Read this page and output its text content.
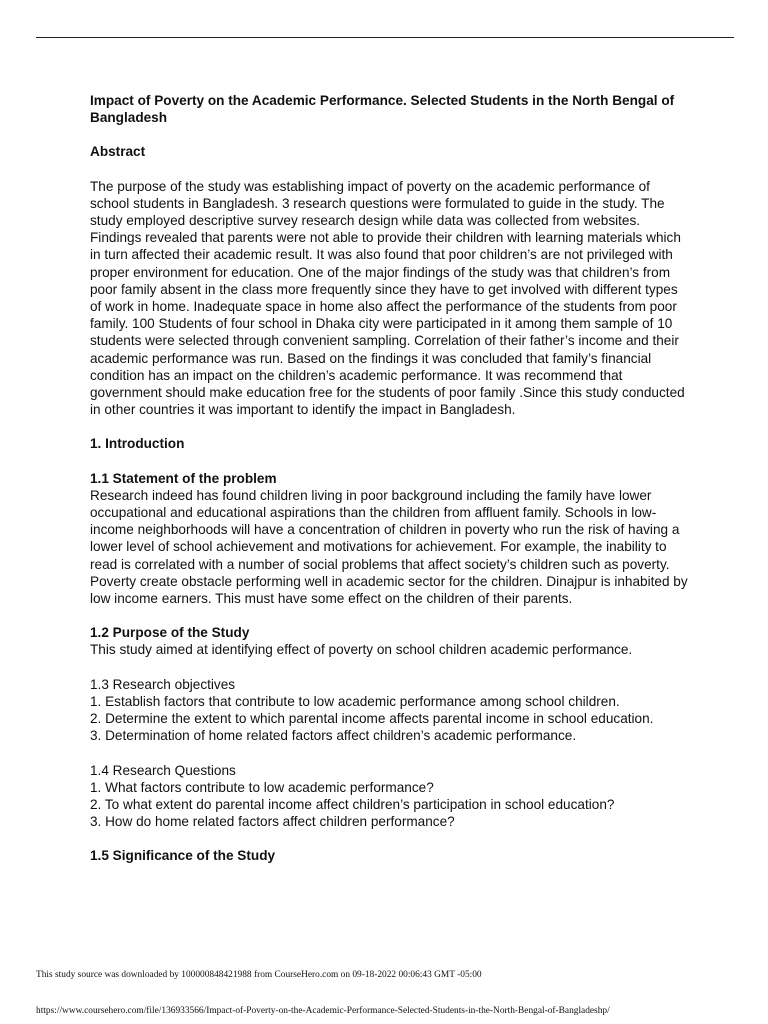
Impact of Poverty on the Academic Performance. Selected Students in the North Bengal of Bangladesh

Abstract

The purpose of the study was establishing impact of poverty on the academic performance of school students in Bangladesh. 3 research questions were formulated to guide in the study. The study employed descriptive survey research design while data was collected from websites. Findings revealed that parents were not able to provide their children with learning materials which in turn affected their academic result. It was also found that poor children’s are not privileged with proper environment for education. One of the major findings of the study was that children’s from poor family absent in the class more frequently since they have to get involved with different types of work in home. Inadequate space in home also affect the performance of the students from poor family. 100 Students of four school in Dhaka city were participated in it among them sample of 10 students were selected through convenient sampling. Correlation of their father’s income and their academic performance was run. Based on the findings it was concluded that family’s financial condition has an impact on the children’s academic performance. It was recommend that government should make education free for the students of poor family .Since this study conducted in other countries it was important to identify the impact in Bangladesh.

1. Introduction

1.1 Statement of the problem

Research indeed has found children living in poor background including the family have lower occupational and educational aspirations than the children from affluent family. Schools in low-income neighborhoods will have a concentration of children in poverty who run the risk of having a lower level of school achievement and motivations for achievement. For example, the inability to read is correlated with a number of social problems that affect society’s children such as poverty. Poverty create obstacle performing well in academic sector for the children. Dinajpur is inhabited by low income earners. This must have some effect on the children of their parents.

1.2 Purpose of the Study

This study aimed at identifying effect of poverty on school children academic performance.

1.3 Research objectives

1. Establish factors that contribute to low academic performance among school children.
2. Determine the extent to which parental income affects parental income in school education.
3. Determination of home related factors affect children’s academic performance.

1.4 Research Questions

1. What factors contribute to low academic performance?
2. To what extent do parental income affect children’s participation in school education?
3. How do home related factors affect children performance?

1.5 Significance of the Study

This study source was downloaded by 100000848421988 from CourseHero.com on 09-18-2022 00:06:43 GMT -05:00
https://www.coursehero.com/file/136933566/Impact-of-Poverty-on-the-Academic-Performance-Selected-Students-in-the-North-Bengal-of-Bangladeshp/
